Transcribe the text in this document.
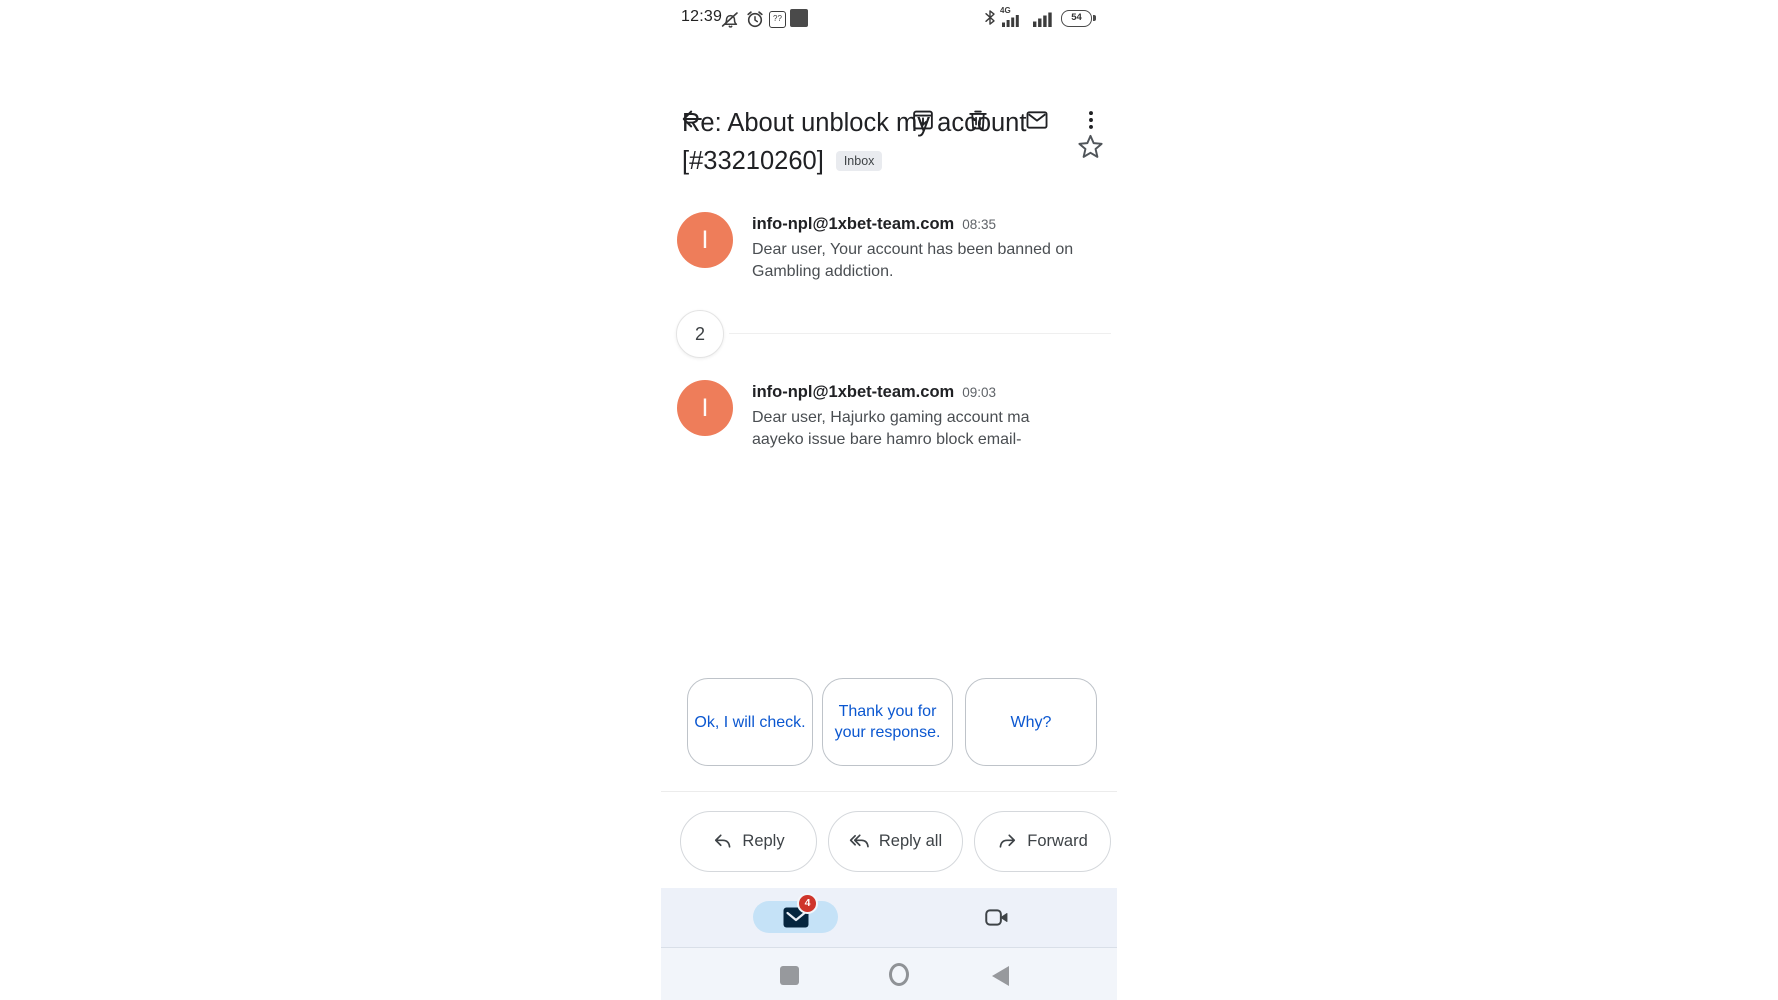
12:39	??
4G
54
Re: About unblock my account
[#33210260] Inbox
I
info-npl@1xbet-team.com 08:35
Dear user, Your account has been banned on Gambling addiction.
2
I
info-npl@1xbet-team.com 09:03
Dear user, Hajurko gaming account ma aayeko issue bare hamro block email-
Ok, I will check.
Thank you for your response.
Why?
Reply	Reply all	Forward
4
